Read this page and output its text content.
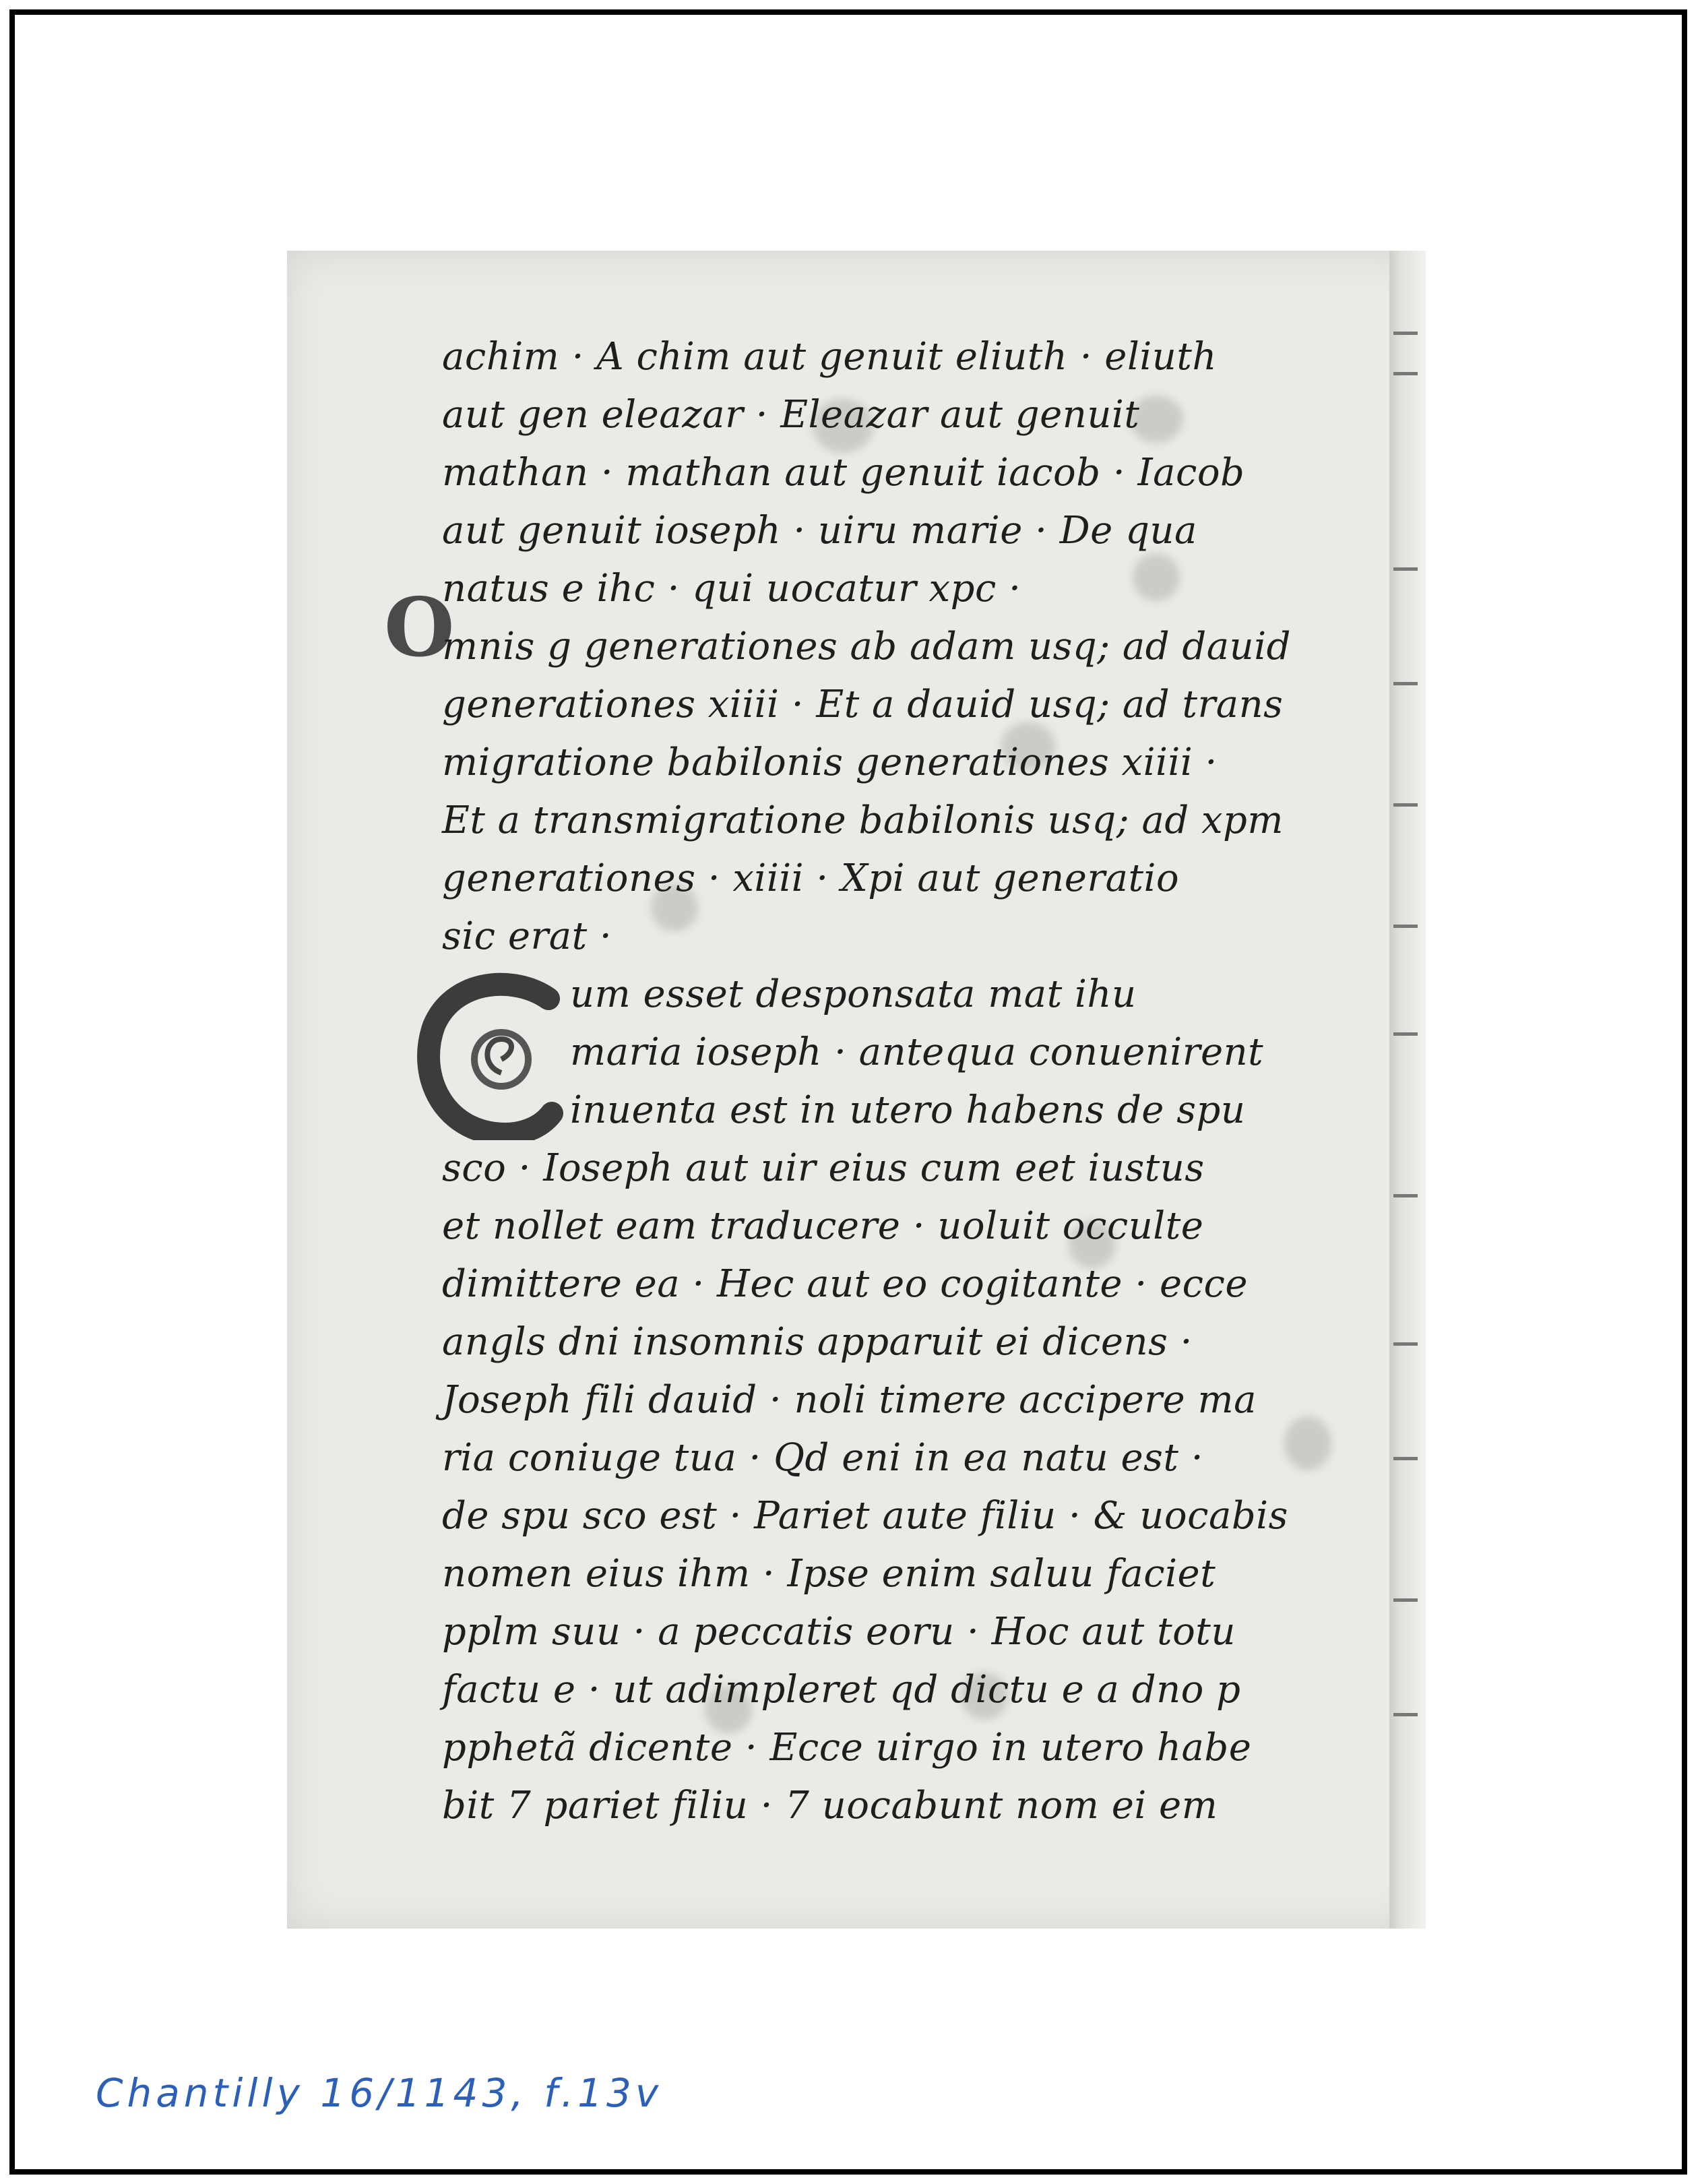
O
C
achim · A chim aut genuit eliuth · eliuth
aut gen eleazar · Eleazar aut genuit
mathan · mathan aut genuit iacob · Iacob
aut genuit ioseph · uiru marie · De qua
natus e ihc · qui uocatur xpc ·
mnis g generationes ab adam usq; ad dauid
generationes xiiii · Et a dauid usq; ad trans
migratione babilonis generationes xiiii ·
Et a transmigratione babilonis usq; ad xpm
generationes · xiiii · Xpi aut generatio
sic erat ·
um esset desponsata mat ihu
maria ioseph · antequa conuenirent
inuenta est in utero habens de spu
sco · Ioseph aut uir eius cum eet iustus
et nollet eam traducere · uoluit occulte
dimittere ea · Hec aut eo cogitante · ecce
angls dni insomnis apparuit ei dicens ·
Joseph fili dauid · noli timere accipere ma
ria coniuge tua · Qd eni in ea natu est ·
de spu sco est · Pariet aute filiu · & uocabis
nomen eius ihm · Ipse enim saluu faciet
pplm suu · a peccatis eoru · Hoc aut totu
factu e · ut adimpleret qd dictu e a dno p
pphetã dicente · Ecce uirgo in utero habe
bit 7 pariet filiu · 7 uocabunt nom ei em
Chantilly 16/1143, f.13v
